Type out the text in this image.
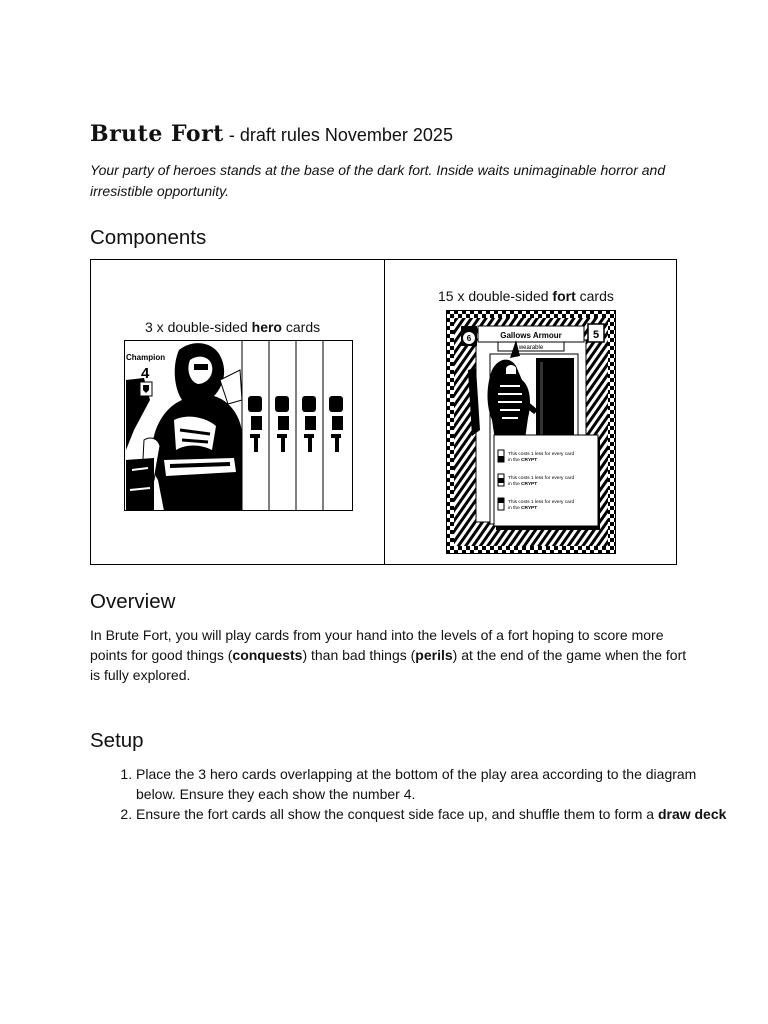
Brute Fort - draft rules November 2025

Your party of heroes stands at the base of the dark fort. Inside waits unimaginable horror and irresistible opportunity.

Components
3 x double-sided hero cards
Champion
4
15 x double-sided fort cards
Gallows Armour
wearable
6	5
This costs 1 less for every card
in the CRYPT
This costs 1 less for every card
in the CRYPT
This costs 1 less for every card
in the CRYPT
Overview

In Brute Fort, you will play cards from your hand into the levels of a fort hoping to score more points for good things (conquests) than bad things (perils) at the end of the game when the fort is fully explored.

Setup
1. Place the 3 hero cards overlapping at the bottom of the play area according to the diagram below. Ensure they each show the number 4.
2. Ensure the fort cards all show the conquest side face up, and shuffle them to form a draw deck
